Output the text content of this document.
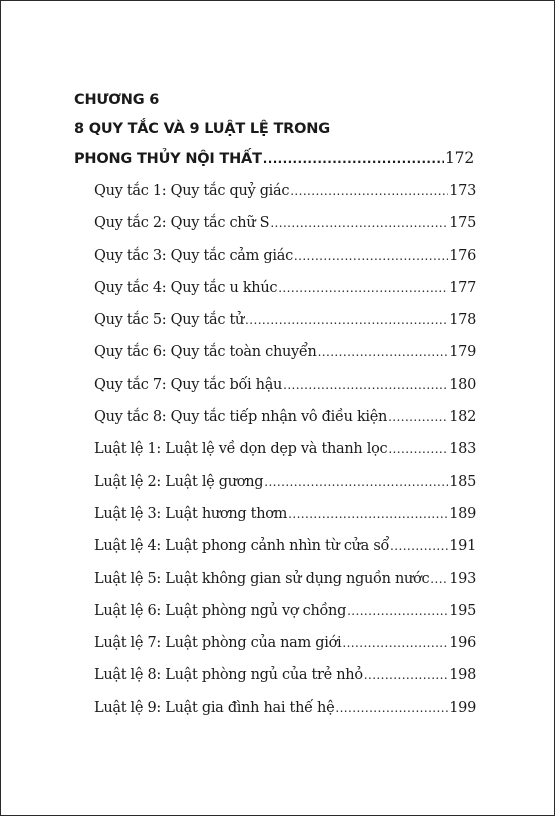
CHƯƠNG 6
8 QUY TẮC VÀ 9 LUẬT LỆ TRONG
PHONG THỦY NỘI THẤT .....	172
Quy tắc 1: Quy tắc quỷ giác .....	173
Quy tắc 2: Quy tắc chữ S .....	175
Quy tắc 3: Quy tắc cảm giác .....	176
Quy tắc 4: Quy tắc u khúc .....	177
Quy tắc 5: Quy tắc tử .....	178
Quy tắc 6: Quy tắc toàn chuyển .....	179
Quy tắc 7: Quy tắc bối hậu .....	180
Quy tắc 8: Quy tắc tiếp nhận vô điều kiện .....	182
Luật lệ 1: Luật lệ về dọn dẹp và thanh lọc .....	183
Luật lệ 2: Luật lệ gương .....	185
Luật lệ 3: Luật hương thơm .....	189
Luật lệ 4: Luật phong cảnh nhìn từ cửa sổ .....	191
Luật lệ 5: Luật không gian sử dụng nguồn nước ..... 193
Luật lệ 6: Luật phòng ngủ vợ chồng .....	195
Luật lệ 7: Luật phòng của nam giới .....	196
Luật lệ 8: Luật phòng ngủ của trẻ nhỏ .....	198
Luật lệ 9: Luật gia đình hai thế hệ .....	199
